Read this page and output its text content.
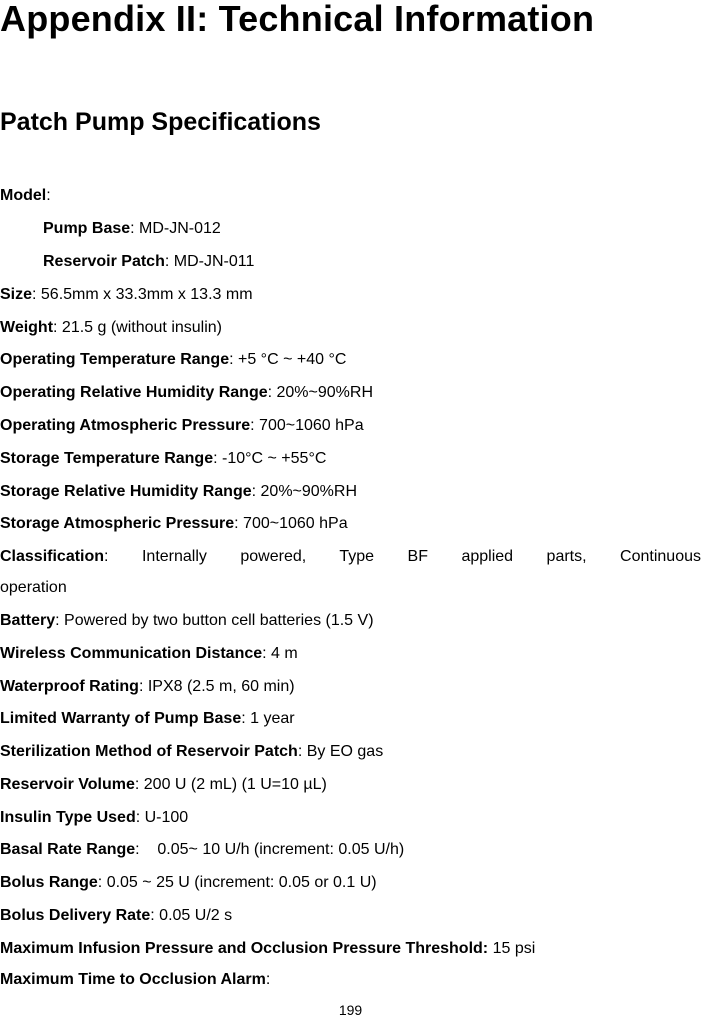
Appendix II: Technical Information
Patch Pump Specifications
Model:
Pump Base: MD-JN-012
Reservoir Patch: MD-JN-011
Size: 56.5mm x 33.3mm x 13.3 mm
Weight: 21.5 g (without insulin)
Operating Temperature Range: +5 °C ~ +40 °C
Operating Relative Humidity Range: 20%~90%RH
Operating Atmospheric Pressure: 700~1060 hPa
Storage Temperature Range: -10°C ~ +55°C
Storage Relative Humidity Range: 20%~90%RH
Storage Atmospheric Pressure: 700~1060 hPa
Classification: Internally powered, Type BF applied parts, Continuous
operation
Battery: Powered by two button cell batteries (1.5 V)
Wireless Communication Distance: 4 m
Waterproof Rating: IPX8 (2.5 m, 60 min)
Limited Warranty of Pump Base: 1 year
Sterilization Method of Reservoir Patch: By EO gas
Reservoir Volume: 200 U (2 mL) (1 U=10 µL)
Insulin Type Used: U-100
Basal Rate Range:    0.05~ 10 U/h (increment: 0.05 U/h)
Bolus Range: 0.05 ~ 25 U (increment: 0.05 or 0.1 U)
Bolus Delivery Rate: 0.05 U/2 s
Maximum Infusion Pressure and Occlusion Pressure Threshold: 15 psi
Maximum Time to Occlusion Alarm:
199
